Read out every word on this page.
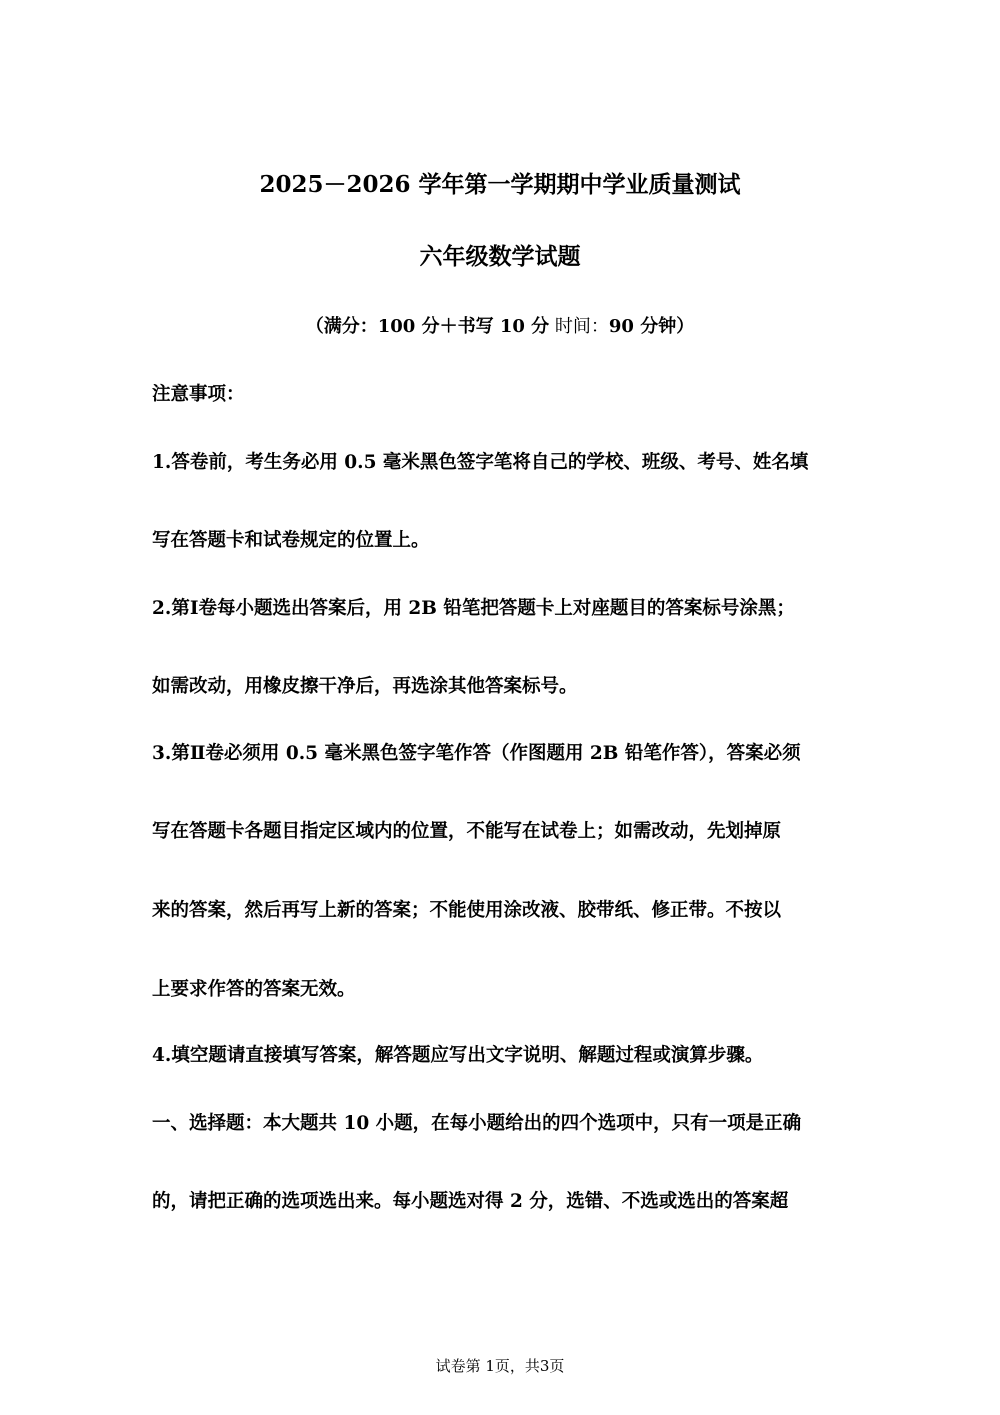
2025－2026 学年第一学期期中学业质量测试
六年级数学试题
（满分：100 分＋书写 10 分 时间：90 分钟）
注意事项：
1.答卷前，考生务必用 0.5 毫米黑色签字笔将自己的学校、班级、考号、姓名填
写在答题卡和试卷规定的位置上。
2.第Ⅰ卷每小题选出答案后，用 2B 铅笔把答题卡上对座题目的答案标号涂黑；
如需改动，用橡皮擦干净后，再选涂其他答案标号。
3.第Ⅱ卷必须用 0.5 毫米黑色签字笔作答（作图题用 2B 铅笔作答），答案必须
写在答题卡各题目指定区域内的位置，不能写在试卷上；如需改动，先划掉原
来的答案，然后再写上新的答案；不能使用涂改液、胶带纸、修正带。不按以
上要求作答的答案无效。
4.填空题请直接填写答案，解答题应写出文字说明、解题过程或演算步骤。
一、选择题：本大题共 10 小题，在每小题给出的四个选项中，只有一项是正确
的，请把正确的选项选出来。每小题选对得 2 分，选错、不选或选出的答案超
试卷第 1页，共3页
